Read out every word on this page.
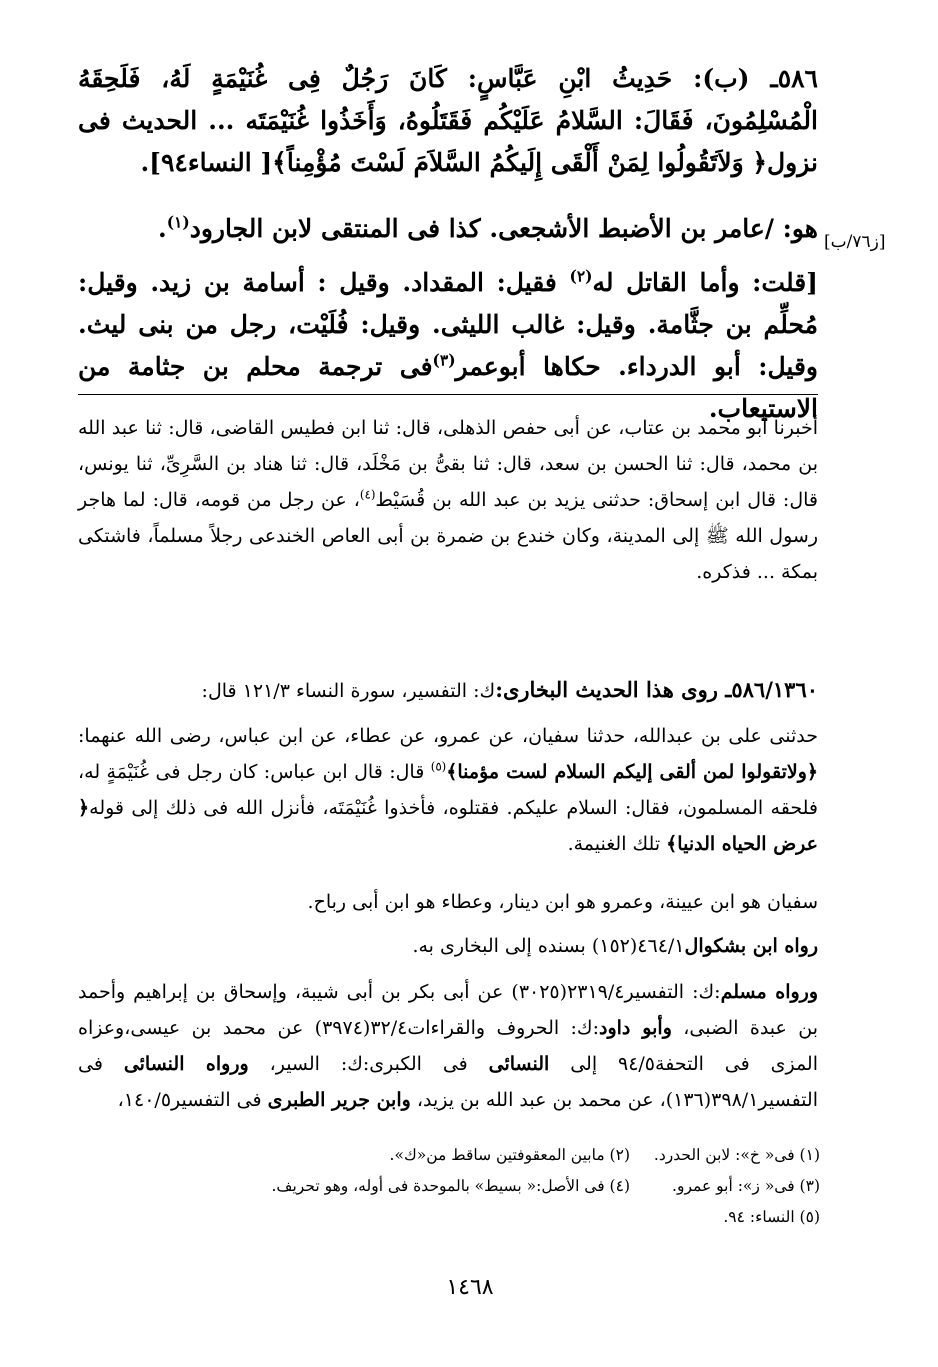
[ز٧٦/ب]
٥٨٦ـ (ب): حَدِيثُ ابْنِ عَبَّاسٍ: كَانَ رَجُلٌ فِى غُنَيْمَةٍ لَهُ، فَلَحِقَهُ الْمُسْلِمُونَ، فَقَالَ: السَّلامُ عَلَيْكُم فَقَتَلُوهُ، وَأَخَذُوا غُنَيْمَتَه ... الحديث فى نزول﴿ وَلاَتَقُولُوا لِمَنْ أَلْقَى إِلَيكُمُ السَّلاَمَ لَسْتَ مُؤْمِناً﴾[ النساء٩٤].
هو: /عامر بن الأضبط الأشجعى. كذا فى المنتقى لابن الجارود$^{(١)}$.
[قلت: وأما القاتل له$^{(٢)}$ فقيل: المقداد. وقيل : أسامة بن زيد. وقيل: مُحلِّم بن جثَّامة. وقيل: غالب الليثى. وقيل: فُلَيْت، رجل من بنى ليث. وقيل: أبو الدرداء. حكاها أبوعمر$^{(٣)}$فى ترجمة محلم بن جثامة من الاستيعاب.
أخبرنا أبو محمد بن عتاب، عن أبى حفص الذهلى، قال: ثنا ابن فطيس القاضى، قال: ثنا عبد الله بن محمد، قال: ثنا الحسن بن سعد، قال: ثنا بقىُّ بن مَخْلَد، قال: ثنا هناد بن السَّرِىِّ، ثنا يونس، قال: قال ابن إسحاق: حدثنى يزيد بن عبد الله بن قُسَيْط$^{(٤)}$، عن رجل من قومه، قال: لما هاجر رسول الله ﷺ إلى المدينة، وكان خندع بن ضمرة بن أبى العاص الخندعى رجلاً مسلماً، فاشتكى بمكة ... فذكره.
٥٨٦/١٣٦٠ـ روى هذا الحديث البخارى:ك: التفسير، سورة النساء ١٢١/٣ قال:
حدثنى على بن عبدالله، حدثنا سفيان، عن عمرو، عن عطاء، عن ابن عباس، رضى الله عنهما: ﴿ولاتقولوا لمن ألقى إليكم السلام لست مؤمنا﴾$^{(٥)}$ قال: قال ابن عباس: كان رجل فى غُنَيْمَةٍ له، فلحقه المسلمون، فقال: السلام عليكم. فقتلوه، فأخذوا غُنَيْمَتَه، فأنزل الله فى ذلك إلى قوله﴿ عرض الحياه الدنيا﴾ تلك الغنيمة.
سفيان هو ابن عيينة، وعمرو هو ابن دينار، وعطاء هو ابن أبى رباح.
رواه ابن بشكوال٤٦٤/١(١٥٢) بسنده إلى البخارى به.
ورواه مسلم:ك: التفسير٢٣١٩/٤(٣٠٢٥) عن أبى بكر بن أبى شيبة، وإسحاق بن إبراهيم وأحمد بن عبدة الضبى، وأبو داود:ك: الحروف والقراءات٣٢/٤(٣٩٧٤) عن محمد بن عيسى،وعزاه المزى فى التحفة٩٤/٥ إلى النسائى فى الكبرى:ك: السير، ورواه النسائى فى التفسير٣٩٨/١(١٣٦)، عن محمد بن عبد الله بن يزيد، وابن جرير الطبرى فى التفسير١٤٠/٥،
(١) فى« خ»: لابن الحدرد.
(٢) مابين المعقوفتين ساقط من«ك».
(٣) فى« ز»: أبو عمرو.
(٤) فى الأصل:« بسيط» بالموحدة فى أوله، وهو تحريف.
(٥) النساء: ٩٤.
١٤٦٨
